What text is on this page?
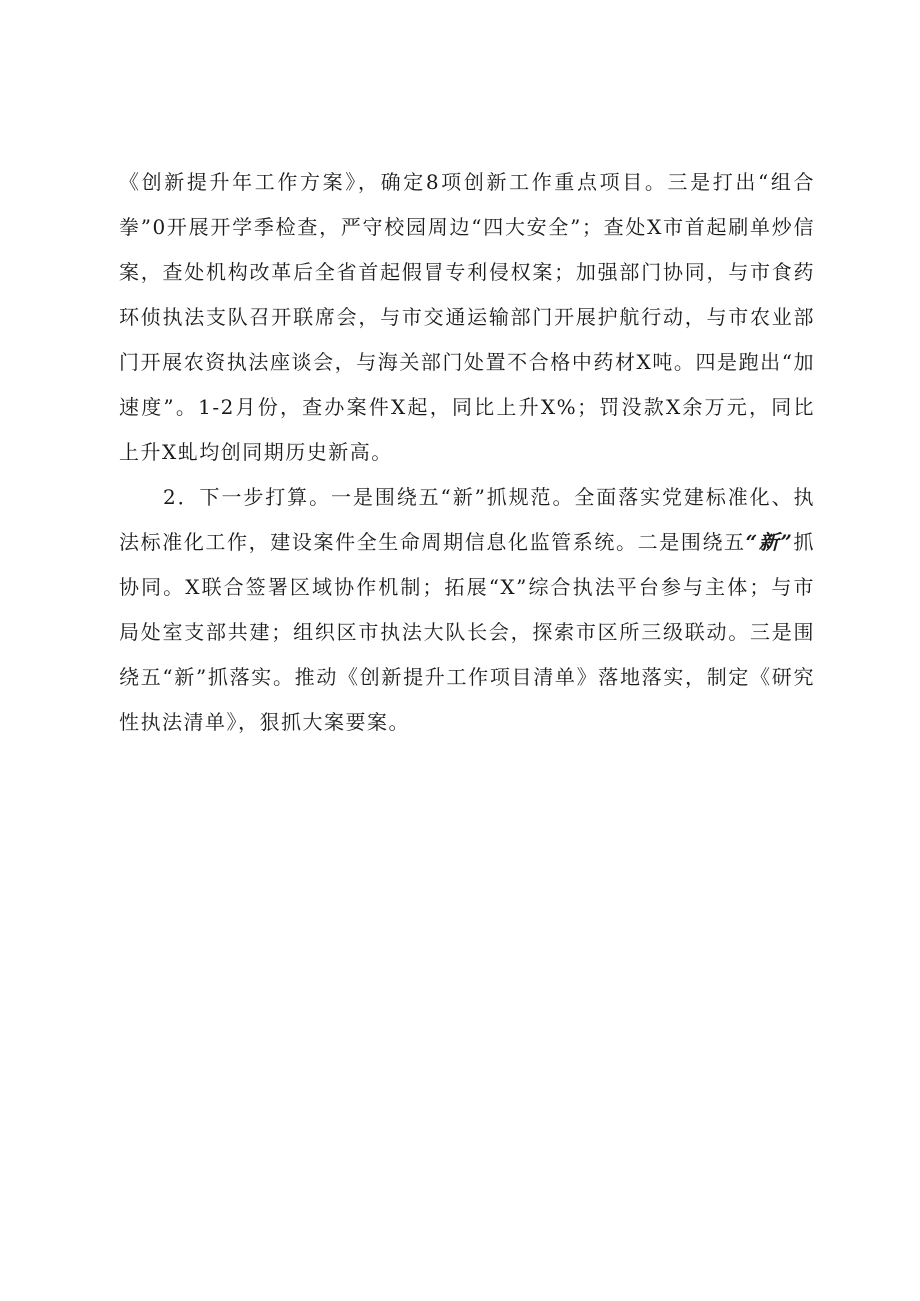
《创新提升年工作方案》，确定8项创新工作重点项目。三是打出“组合拳”0开展开学季检查，严守校园周边“四大安全”；查处X市首起刷单炒信案，查处机构改革后全省首起假冒专利侵权案；加强部门协同，与市食药环侦执法支队召开联席会，与市交通运输部门开展护航行动，与市农业部门开展农资执法座谈会，与海关部门处置不合格中药材X吨。四是跑出“加速度”。1-2月份，查办案件X起，同比上升X%；罚没款X余万元，同比上升X虬均创同期历史新高。

2．下一步打算。一是围绕五“新”抓规范。全面落实党建标准化、执法标准化工作，建设案件全生命周期信息化监管系统。二是围绕五“新”抓协同。X联合签署区域协作机制；拓展“X”综合执法平台参与主体；与市局处室支部共建；组织区市执法大队长会，探索市区所三级联动。三是围绕五“新”抓落实。推动《创新提升工作项目清单》落地落实，制定《研究性执法清单》，狠抓大案要案。
